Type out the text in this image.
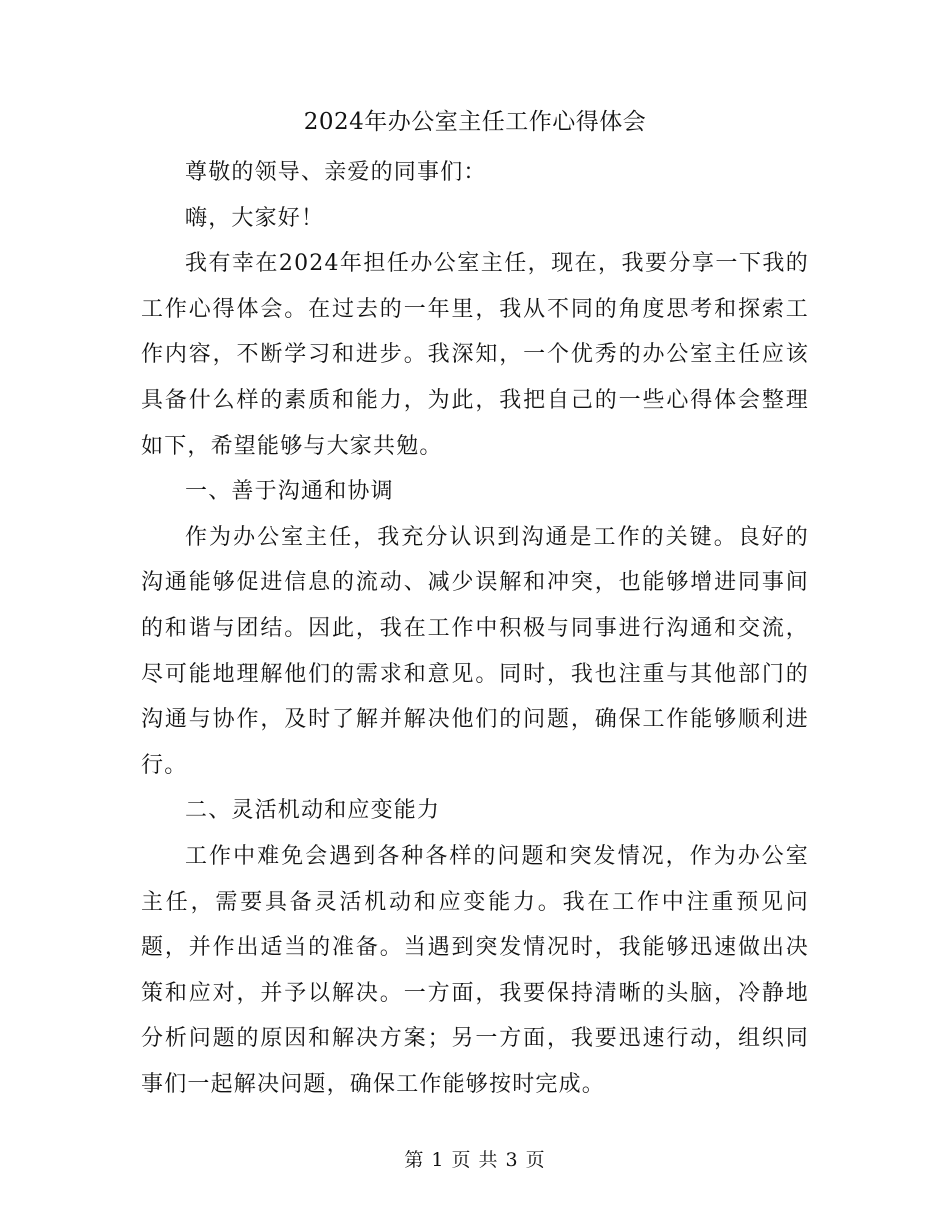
2024年办公室主任工作心得体会

尊敬的领导、亲爱的同事们：

嗨，大家好！

我有幸在2024年担任办公室主任，现在，我要分享一下我的工作心得体会。在过去的一年里，我从不同的角度思考和探索工作内容，不断学习和进步。我深知，一个优秀的办公室主任应该具备什么样的素质和能力，为此，我把自己的一些心得体会整理如下，希望能够与大家共勉。

一、善于沟通和协调

作为办公室主任，我充分认识到沟通是工作的关键。良好的沟通能够促进信息的流动、减少误解和冲突，也能够增进同事间的和谐与团结。因此，我在工作中积极与同事进行沟通和交流，尽可能地理解他们的需求和意见。同时，我也注重与其他部门的沟通与协作，及时了解并解决他们的问题，确保工作能够顺利进行。

二、灵活机动和应变能力

工作中难免会遇到各种各样的问题和突发情况，作为办公室主任，需要具备灵活机动和应变能力。我在工作中注重预见问题，并作出适当的准备。当遇到突发情况时，我能够迅速做出决策和应对，并予以解决。一方面，我要保持清晰的头脑，冷静地分析问题的原因和解决方案；另一方面，我要迅速行动，组织同事们一起解决问题，确保工作能够按时完成。

第 1 页 共 3 页
